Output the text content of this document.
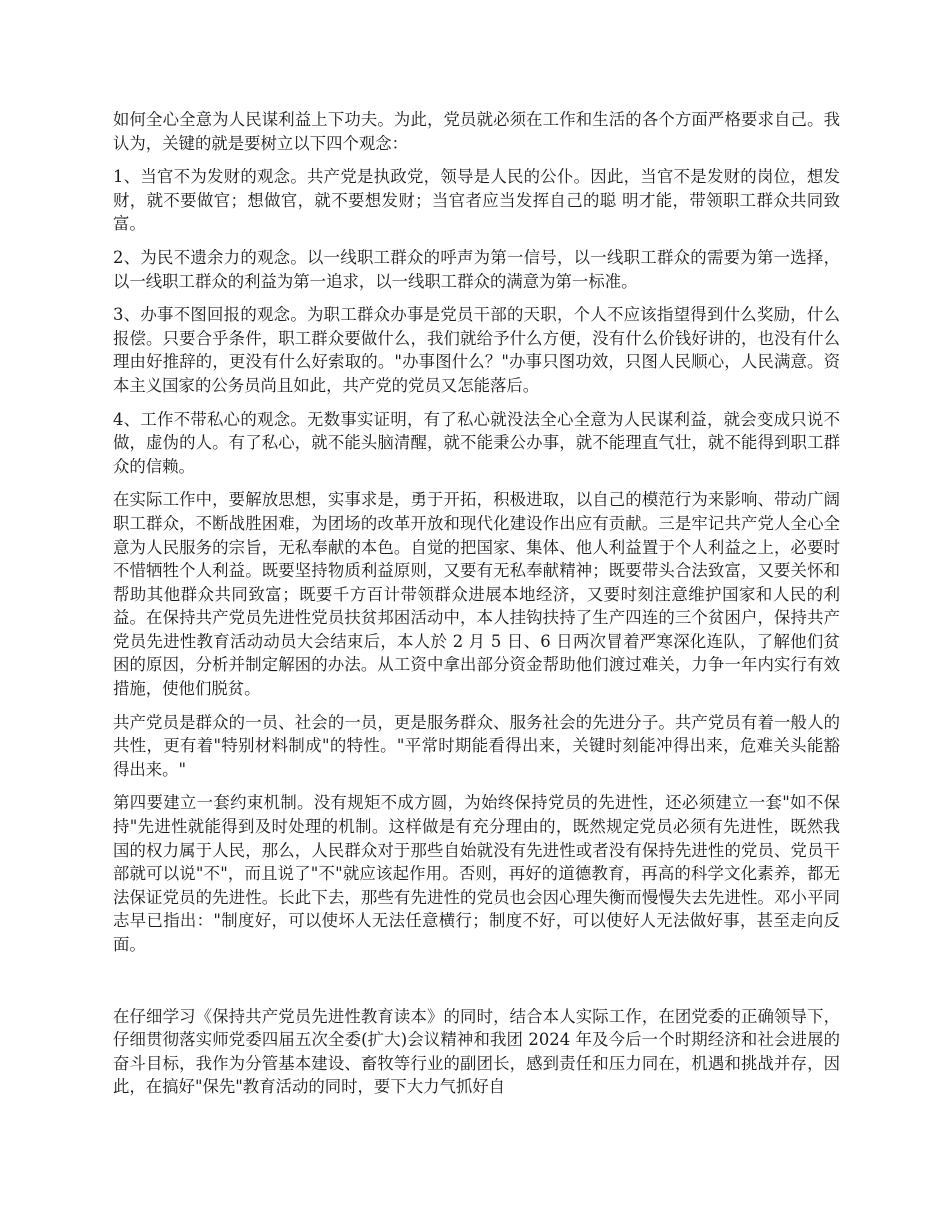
如何全心全意为人民谋利益上下功夫。为此，党员就必须在工作和生活的各个方面严格要求自己。我认为，关键的就是要树立以下四个观念：

1、当官不为发财的观念。共产党是执政党，领导是人民的公仆。因此，当官不是发财的岗位，想发财，就不要做官；想做官，就不要想发财；当官者应当发挥自己的聪 明才能，带领职工群众共同致富。

2、为民不遗余力的观念。以一线职工群众的呼声为第一信号，以一线职工群众的需要为第一选择，以一线职工群众的利益为第一追求，以一线职工群众的满意为第一标准。

3、办事不图回报的观念。为职工群众办事是党员干部的天职，个人不应该指望得到什么奖励，什么报偿。只要合乎条件，职工群众要做什么，我们就给予什么方便，没有什么价钱好讲的，也没有什么理由好推辞的，更没有什么好索取的。"办事图什么？"办事只图功效，只图人民顺心，人民满意。资本主义国家的公务员尚且如此，共产党的党员又怎能落后。

4、工作不带私心的观念。无数事实证明，有了私心就没法全心全意为人民谋利益，就会变成只说不做，虚伪的人。有了私心，就不能头脑清醒，就不能秉公办事，就不能理直气壮，就不能得到职工群众的信赖。

在实际工作中，要解放思想，实事求是，勇于开拓，积极进取，以自己的模范行为来影响、带动广阔职工群众，不断战胜困难，为团场的改革开放和现代化建设作出应有贡献。三是牢记共产党人全心全意为人民服务的宗旨，无私奉献的本色。自觉的把国家、集体、他人利益置于个人利益之上，必要时不惜牺牲个人利益。既要坚持物质利益原则，又要有无私奉献精神；既要带头合法致富，又要关怀和帮助其他群众共同致富；既要千方百计带领群众进展本地经济，又要时刻注意维护国家和人民的利益。在保持共产党员先进性党员扶贫邦困活动中，本人挂钩扶持了生产四连的三个贫困户，保持共产党员先进性教育活动动员大会结束后，本人於 2 月 5 日、6 日两次冒着严寒深化连队，了解他们贫困的原因，分析并制定解困的办法。从工资中拿出部分资金帮助他们渡过难关，力争一年内实行有效措施，使他们脱贫。

共产党员是群众的一员、社会的一员，更是服务群众、服务社会的先进分子。共产党员有着一般人的共性，更有着"特别材料制成"的特性。"平常时期能看得出来，关键时刻能冲得出来，危难关头能豁得出来。"

第四要建立一套约束机制。没有规矩不成方圆，为始终保持党员的先进性，还必须建立一套"如不保持"先进性就能得到及时处理的机制。这样做是有充分理由的，既然规定党员必须有先进性，既然我国的权力属于人民，那么，人民群众对于那些自始就没有先进性或者没有保持先进性的党员、党员干部就可以说"不"，而且说了"不"就应该起作用。否则，再好的道德教育，再高的科学文化素养，都无法保证党员的先进性。长此下去，那些有先进性的党员也会因心理失衡而慢慢失去先进性。邓小平同志早已指出："制度好，可以使坏人无法任意横行；制度不好，可以使好人无法做好事，甚至走向反面。

在仔细学习《保持共产党员先进性教育读本》的同时，结合本人实际工作，在团党委的正确领导下，仔细贯彻落实师党委四届五次全委(扩大)会议精神和我团 2024 年及今后一个时期经济和社会进展的奋斗目标，我作为分管基本建设、畜牧等行业的副团长，感到责任和压力同在，机遇和挑战并存，因此，在搞好"保先"教育活动的同时，要下大力气抓好自
